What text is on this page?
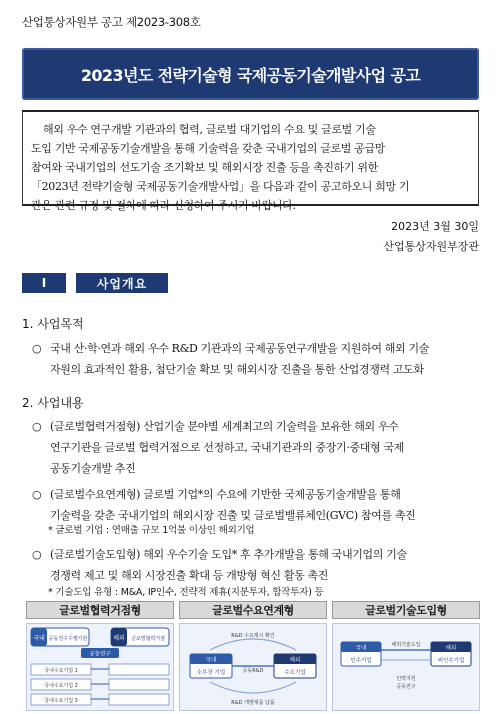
산업통상자원부 공고 제2023-308호
2023년도 전략기술형 국제공동기술개발사업 공고
해외 우수 연구개발 기관과의 협력, 글로벌 대기업의 수요 및 글로벌 기술
도입 기반 국제공동기술개발을 통해 기술력을 갖춘 국내기업의 글로벌 공급망
참여와 국내기업의 선도기술 조기확보 및 해외시장 진출 등을 촉진하기 위한
「2023년 전략기술형 국제공동기술개발사업」을 다음과 같이 공고하오니 희망 기
관은 관련 규정 및 절차에 따라 신청하여 주시기 바랍니다.
2023년 3월 30일
산업통상자원부장관
Ⅰ	사업개요
1. 사업목적
○ 국내 산·학·연과 해외 우수 R&D 기관과의 국제공동연구개발을 지원하여 해외 기술
자원의 효과적인 활용, 첨단기술 확보 및 해외시장 진출을 통한 산업경쟁력 고도화
2. 사업내용
○ (글로벌협력거점형) 산업기술 분야별 세계최고의 기술력을 보유한 해외 우수
연구기관을 글로벌 협력거점으로 선정하고, 국내기관과의 중장기·중대형 국제
공동기술개발 추진
○ (글로벌수요연계형) 글로벌 기업*의 수요에 기반한 국제공동기술개발을 통해
기술력을 갖춘 국내기업의 해외시장 진출 및 글로벌밸류체인(GVC) 참여를 촉진
* 글로벌 기업 : 연매출 규모 1억불 이상인 해외기업
○ (글로벌기술도입형) 해외 우수기술 도입* 후 추가개발을 통해 국내기업의 기술
경쟁력 제고 및 해외 시장진출 확대 등 개방형 혁신 활동 촉진
* 기술도입 유형 : M&A, IP인수, 전략적 제휴(지분투자, 합작투자) 등
글로벌협력거점형
국내 공동연구수행기관	해외 글로벌협력거점
공동연구
국내수요기업 1
국내수요기업 2
국내수요기업 3
글로벌수요연계형
R&D 수요제시 확인
국내
소부장 기업
해외
수요기업
공동R&D
R&D 개발제품 납품
글로벌기술도입형
국내
인수기업
해외
피인수기업
해외기술도입
인력지원
공동연구
